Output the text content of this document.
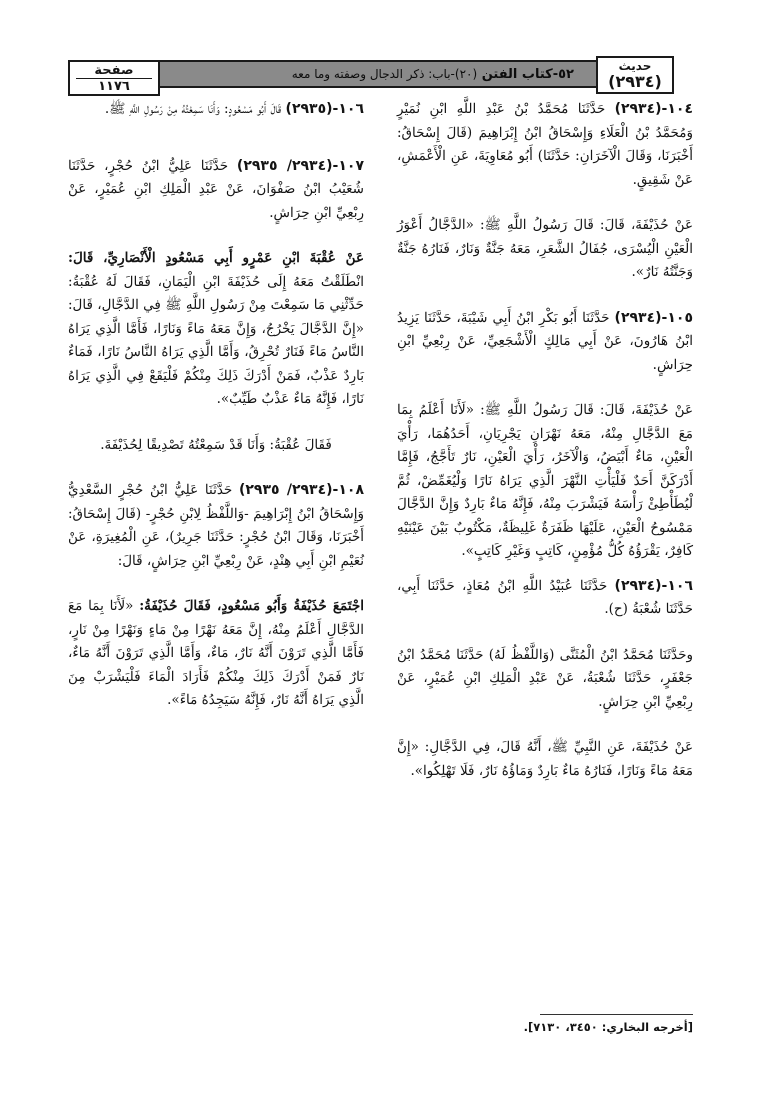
٥٢-كتاب الفتن (٢٠)-باب: ذكر الدجال وصفته وما معه
حديث
(٢٩٣٤)
صفحة
١١٧٦

١٠٤-(٢٩٣٤) حَدَّثَنَا مُحَمَّدُ بْنُ عَبْدِ اللَّهِ ابْنِ نُمَيْرٍ وَمُحَمَّدُ بْنُ الْعَلَاءِ وَإِسْحَاقُ ابْنُ إِبْرَاهِيمَ (قَالَ إِسْحَاقُ: أَخْبَرَنَا، وَقَالَ الْآخَرَانِ: حَدَّثَنَا) أَبُو مُعَاوِيَةَ، عَنِ الْأَعْمَشِ، عَنْ شَقِيقٍ.

عَنْ حُذَيْفَةَ، قَالَ: قَالَ رَسُولُ اللَّهِ ﷺ: «الدَّجَّالُ أَعْوَرُ الْعَيْنِ الْيُسْرَى، جُفَالُ الشَّعَرِ، مَعَهُ جَنَّةٌ وَنَارٌ، فَنَارُهُ جَنَّةٌ وَجَنَّتُهُ نَارٌ».

١٠٥-(٢٩٣٤) حَدَّثَنَا أَبُو بَكْرِ ابْنُ أَبِي شَيْبَةَ، حَدَّثَنَا يَزِيدُ ابْنُ هَارُونَ، عَنْ أَبِي مَالِكٍ الْأَشْجَعِيِّ، عَنْ رِبْعِيِّ ابْنِ حِرَاشٍ.

عَنْ حُذَيْفَةَ، قَالَ: قَالَ رَسُولُ اللَّهِ ﷺ: «لَأَنَا أَعْلَمُ بِمَا مَعَ الدَّجَّالِ مِنْهُ، مَعَهُ نَهْرَانِ يَجْرِيَانِ، أَحَدُهُمَا، رَأْيَ الْعَيْنِ، مَاءٌ أَبْيَضُ، وَالْآخَرُ، رَأْيَ الْعَيْنِ، نَارٌ تَأَجَّجُ، فَإِمَّا أَدْرَكَنَّ أَحَدٌ فَلْيَأْتِ النَّهْرَ الَّذِي يَرَاهُ نَارًا وَلْيُغَمِّضْ، ثُمَّ لْيُطَأْطِئْ رَأْسَهُ فَيَشْرَبَ مِنْهُ، فَإِنَّهُ مَاءٌ بَارِدٌ وَإِنَّ الدَّجَّالَ مَمْسُوحُ الْعَيْنِ، عَلَيْهَا ظَفَرَةٌ غَلِيظَةٌ، مَكْتُوبٌ بَيْنَ عَيْنَيْهِ كَافِرٌ، يَقْرَؤُهُ كُلُّ مُؤْمِنٍ، كَاتِبٍ وَغَيْرِ كَاتِبٍ».

١٠٦-(٢٩٣٤) حَدَّثَنَا عُبَيْدُ اللَّهِ ابْنُ مُعَاذٍ، حَدَّثَنَا أَبِي، حَدَّثَنَا شُعْبَةُ (ح).

وحَدَّثَنَا مُحَمَّدُ ابْنُ الْمُثَنَّى (وَاللَّفْظُ لَهُ) حَدَّثَنَا مُحَمَّدُ ابْنُ جَعْفَرٍ، حَدَّثَنَا شُعْبَةُ، عَنْ عَبْدِ الْمَلِكِ ابْنِ عُمَيْرٍ، عَنْ رِبْعِيِّ ابْنِ حِرَاشٍ.

عَنْ حُذَيْفَةَ، عَنِ النَّبِيِّ ﷺ، أَنَّهُ قَالَ، فِي الدَّجَّالِ: «إِنَّ مَعَهُ مَاءً وَنَارًا، فَنَارُهُ مَاءٌ بَارِدٌ وَمَاؤُهُ نَارٌ، فَلَا تَهْلِكُوا».

[أخرجه البخاري: ٣٤٥٠، ٧١٣٠].

١٠٦-(٢٩٣٥) قَالَ أَبُو مَسْعُودٍ: وَأَنَا سَمِعْتُهُ مِنْ رَسُولِ اللَّهِ ﷺ.

١٠٧-(٢٩٣٤/ ٢٩٣٥) حَدَّثَنَا عَلِيُّ ابْنُ حُجْرٍ، حَدَّثَنَا شُعَيْبُ ابْنُ صَفْوَانَ، عَنْ عَبْدِ الْمَلِكِ ابْنِ عُمَيْرٍ، عَنْ رِبْعِيِّ ابْنِ حِرَاشٍ.

عَنْ عُقْبَةَ ابْنِ عَمْرٍو أَبِي مَسْعُودٍ الْأَنْصَارِيِّ، قَالَ: انْطَلَقْتُ مَعَهُ إِلَى حُذَيْفَةَ ابْنِ الْيَمَانِ، فَقَالَ لَهُ عُقْبَةُ: حَدِّثْنِي مَا سَمِعْتَ مِنْ رَسُولِ اللَّهِ ﷺ فِي الدَّجَّالِ، قَالَ: «إِنَّ الدَّجَّالَ يَخْرُجُ، وَإِنَّ مَعَهُ مَاءً وَنَارًا، فَأَمَّا الَّذِي يَرَاهُ النَّاسُ مَاءً فَنَارٌ تُحْرِقُ، وَأَمَّا الَّذِي يَرَاهُ النَّاسُ نَارًا، فَمَاءٌ بَارِدٌ عَذْبٌ، فَمَنْ أَدْرَكَ ذَلِكَ مِنْكُمْ فَلْيَقَعْ فِي الَّذِي يَرَاهُ نَارًا، فَإِنَّهُ مَاءٌ عَذْبٌ طَيِّبٌ».

فَقَالَ عُقْبَةُ: وَأَنَا قَدْ سَمِعْتُهُ تَصْدِيقًا لِحُذَيْفَةَ.

١٠٨-(٢٩٣٤/ ٢٩٣٥) حَدَّثَنَا عَلِيُّ ابْنُ حُجْرٍ السَّعْدِيُّ وَإِسْحَاقُ ابْنُ إِبْرَاهِيمَ -وَاللَّفْظُ لِابْنِ حُجْرٍ- (قَالَ إِسْحَاقُ: أَخْبَرَنَا، وَقَالَ ابْنُ حُجْرٍ: حَدَّثَنَا جَرِيرٌ)، عَنِ الْمُغِيرَةِ، عَنْ نُعَيْمِ ابْنِ أَبِي هِنْدٍ، عَنْ رِبْعِيِّ ابْنِ حِرَاشٍ، قَالَ:

اجْتَمَعَ حُذَيْفَةُ وَأَبُو مَسْعُودٍ، فَقَالَ حُذَيْفَةُ: «لَأَنَا بِمَا مَعَ الدَّجَّالِ أَعْلَمُ مِنْهُ، إِنَّ مَعَهُ نَهْرًا مِنْ مَاءٍ وَنَهْرًا مِنْ نَارٍ، فَأَمَّا الَّذِي تَرَوْنَ أَنَّهُ نَارٌ، مَاءٌ، وَأَمَّا الَّذِي تَرَوْنَ أَنَّهُ مَاءٌ، نَارٌ فَمَنْ أَدْرَكَ ذَلِكَ مِنْكُمْ فَأَرَادَ الْمَاءَ فَلْيَشْرَبْ مِنَ الَّذِي يَرَاهُ أَنَّهُ نَارٌ، فَإِنَّهُ سَيَجِدُهُ مَاءً».
